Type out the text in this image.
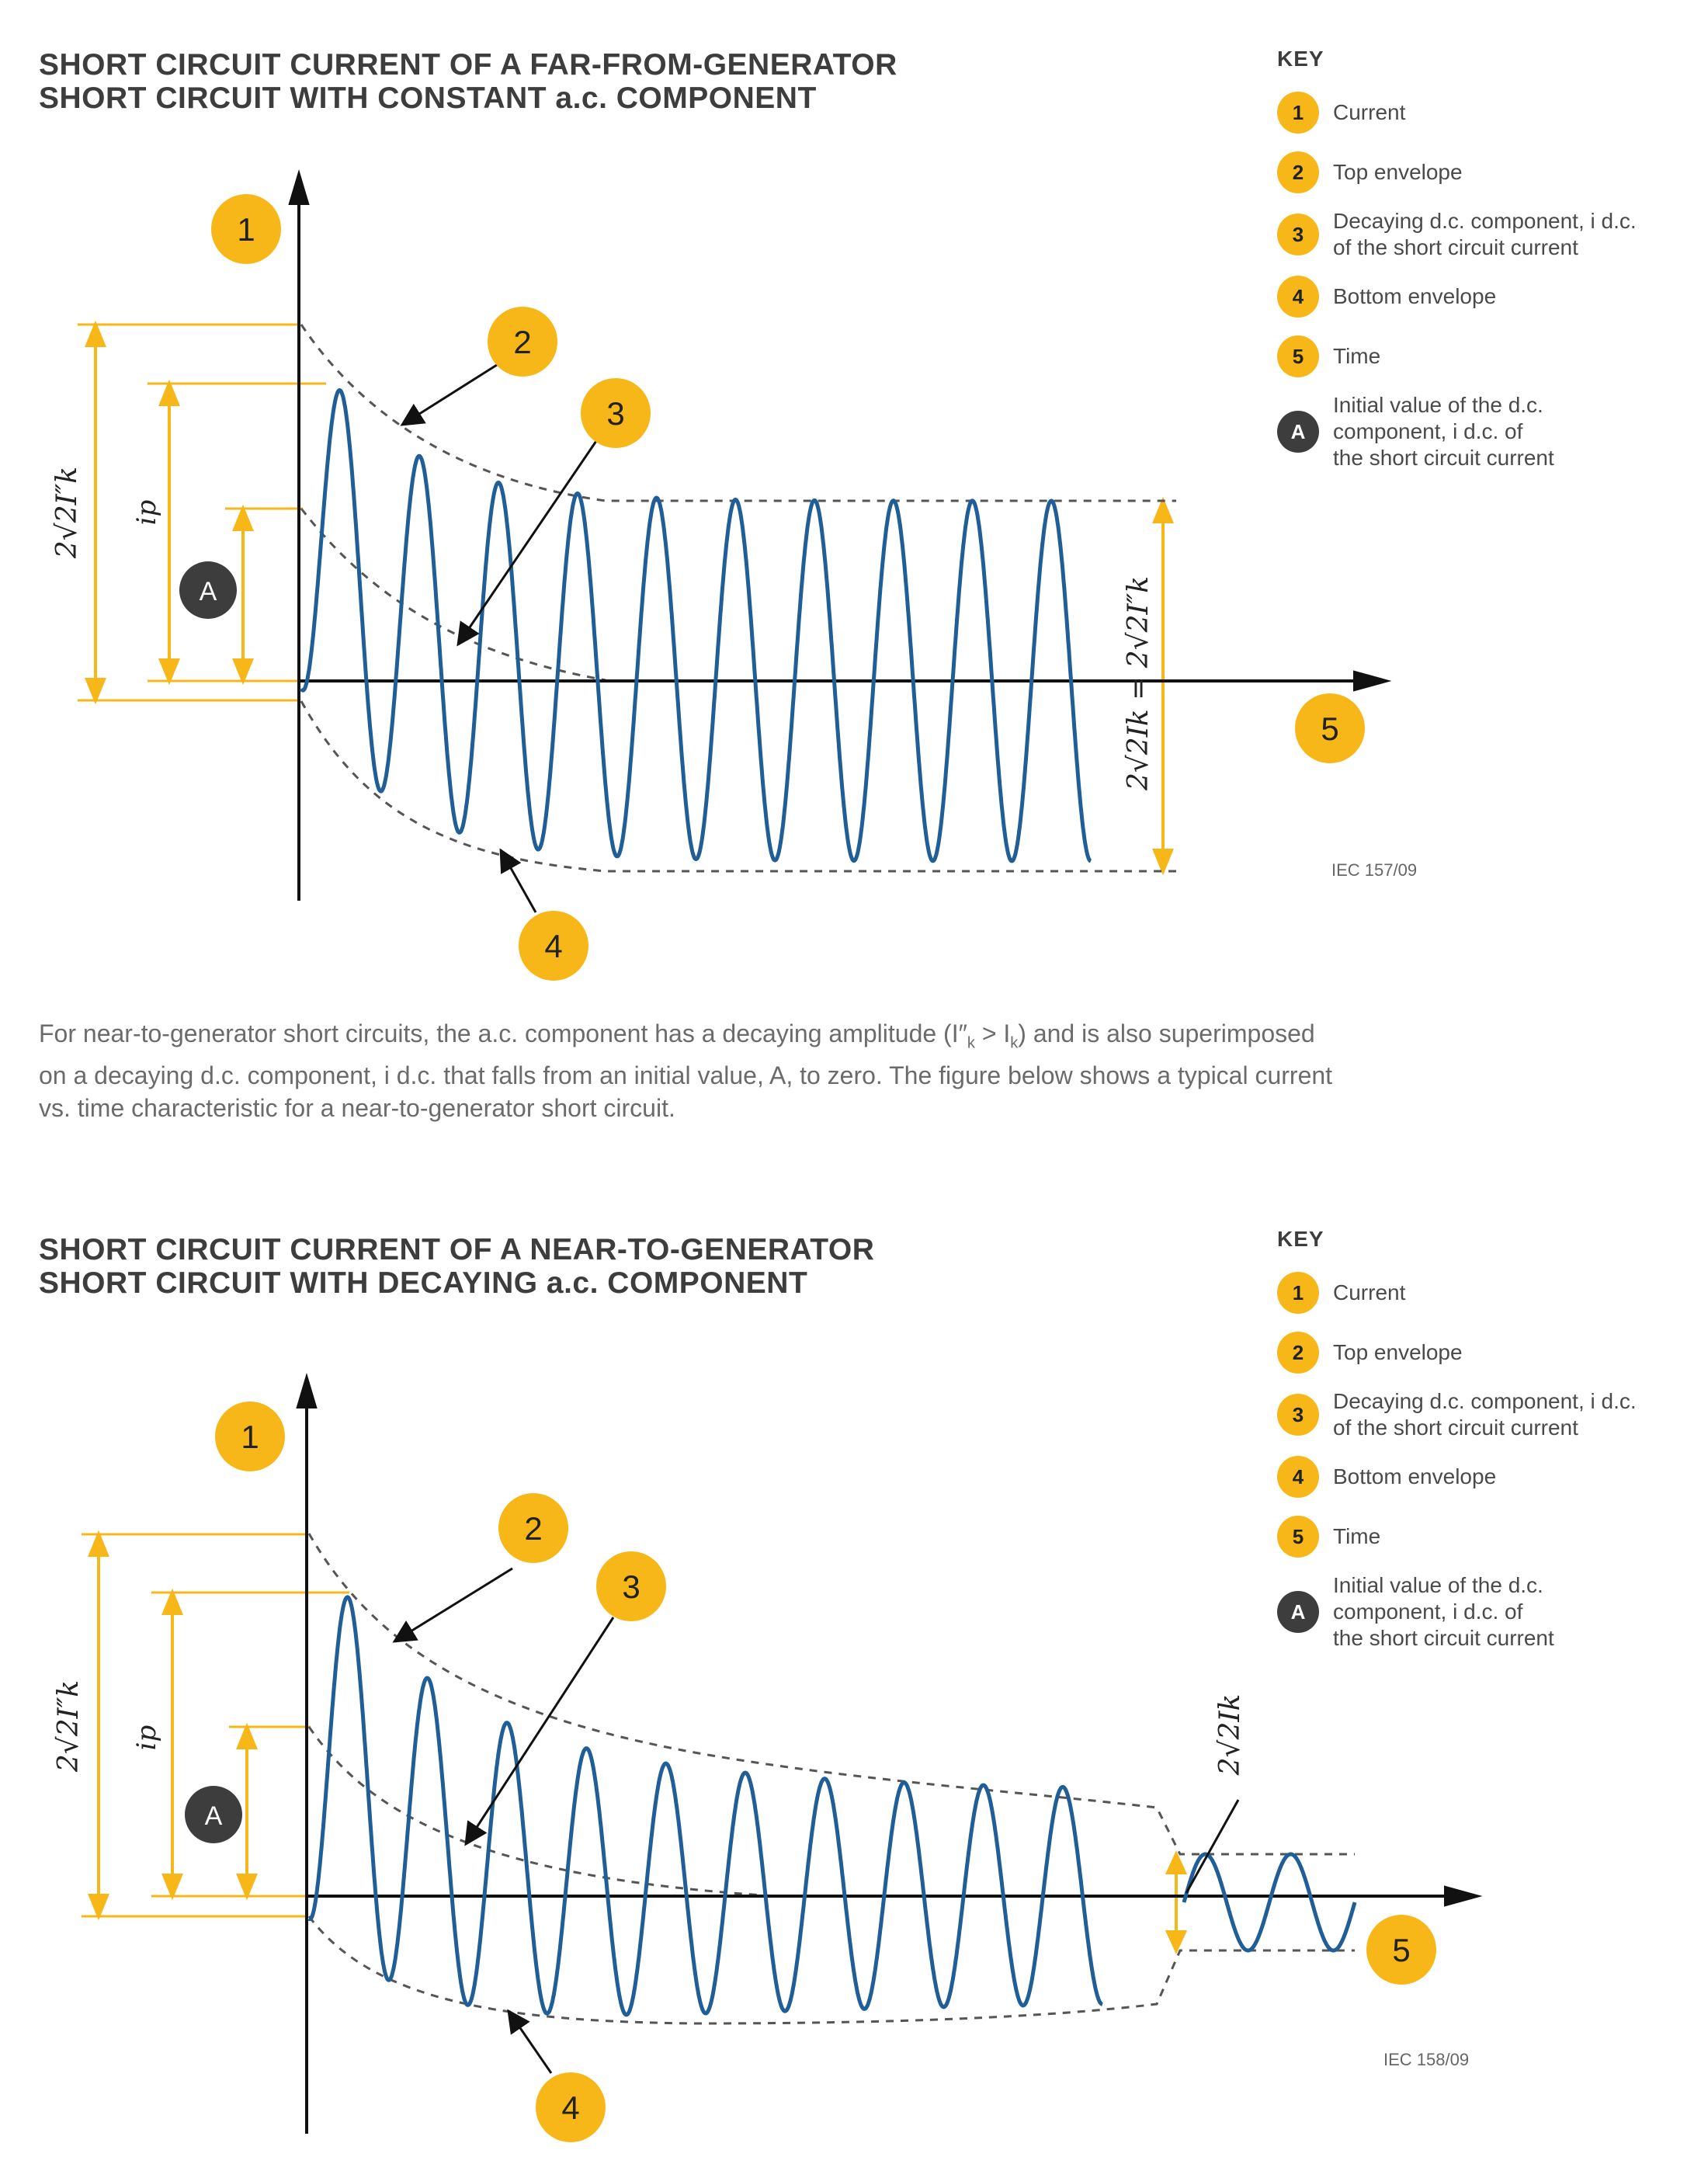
SHORT CIRCUIT CURRENT OF A FAR-FROM-GENERATOR
SHORT CIRCUIT WITH CONSTANT a.c. COMPONENT
KEY
1	Current
2	Top envelope
3
Decaying d.c. component, i d.c.
of the short circuit current
4	Bottom envelope
5	Time
A
Initial value of the d.c.
component, i d.c. of
the short circuit current
1
2
3
4
5
A
2√2I″k ip
2√2Ik = 2√2I″k
IEC 157/09
For near-to-generator short circuits, the a.c. component has a decaying amplitude $(I''_k > I_k)$ and is also superimposed
on a decaying d.c. component, i d.c. that falls from an initial value, A, to zero. The figure below shows a typical current
vs. time characteristic for a near-to-generator short circuit.
SHORT CIRCUIT CURRENT OF A NEAR-TO-GENERATOR
SHORT CIRCUIT WITH DECAYING a.c. COMPONENT
KEY
1	Current
2	Top envelope
3
Decaying d.c. component, i d.c.
of the short circuit current
4	Bottom envelope
5	Time
A
Initial value of the d.c.
component, i d.c. of
the short circuit current
1
2
3
4
5
A
2√2I″k ip	2√2Ik
IEC 158/09
